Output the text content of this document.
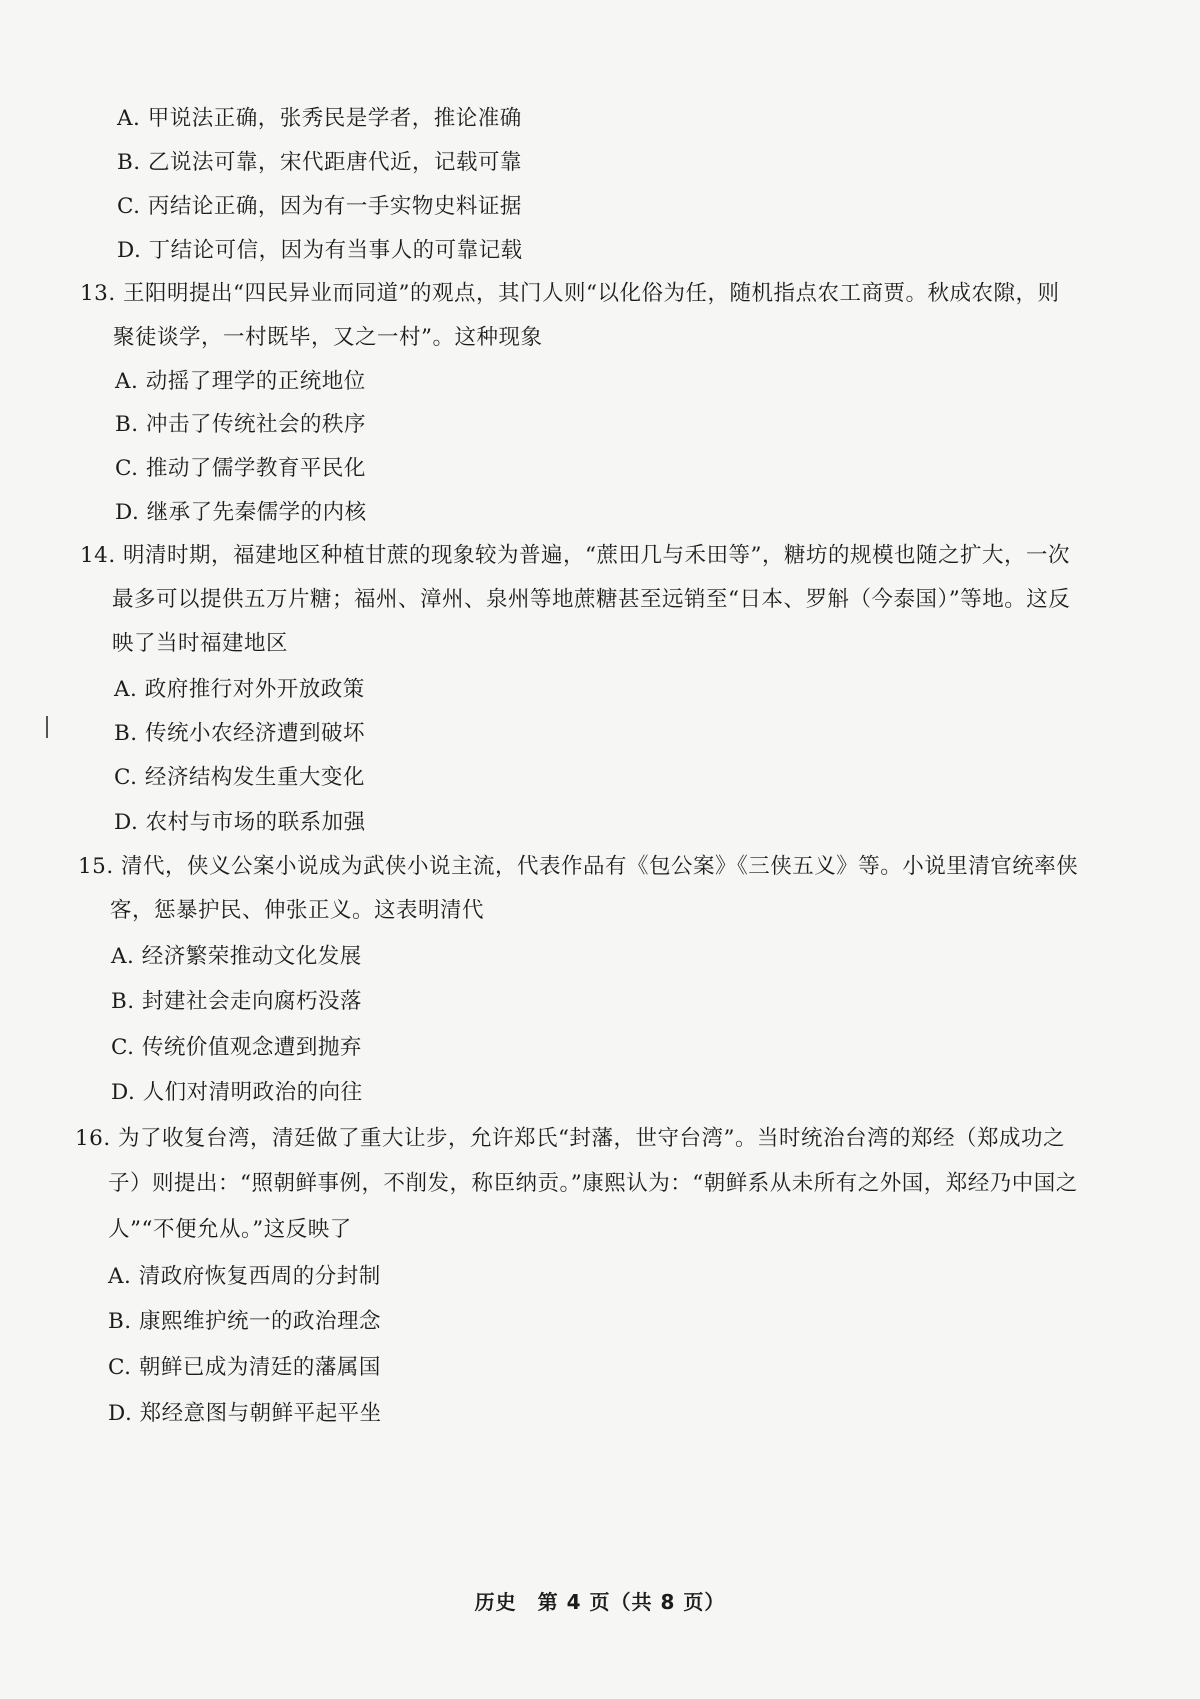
A. 甲说法正确，张秀民是学者，推论准确
B. 乙说法可靠，宋代距唐代近，记载可靠
C. 丙结论正确，因为有一手实物史料证据
D. 丁结论可信，因为有当事人的可靠记载
13. 王阳明提出“四民异业而同道”的观点，其门人则“以化俗为任，随机指点农工商贾。秋成农隙，则
聚徒谈学，一村既毕，又之一村”。这种现象
A. 动摇了理学的正统地位
B. 冲击了传统社会的秩序
C. 推动了儒学教育平民化
D. 继承了先秦儒学的内核
14. 明清时期，福建地区种植甘蔗的现象较为普遍，“蔗田几与禾田等”，糖坊的规模也随之扩大，一次
最多可以提供五万片糖；福州、漳州、泉州等地蔗糖甚至远销至“日本、罗斛（今泰国）”等地。这反
映了当时福建地区
A. 政府推行对外开放政策
B. 传统小农经济遭到破坏
C. 经济结构发生重大变化
D. 农村与市场的联系加强
15. 清代，侠义公案小说成为武侠小说主流，代表作品有《包公案》《三侠五义》等。小说里清官统率侠
客，惩暴护民、伸张正义。这表明清代
A. 经济繁荣推动文化发展
B. 封建社会走向腐朽没落
C. 传统价值观念遭到抛弃
D. 人们对清明政治的向往
16. 为了收复台湾，清廷做了重大让步，允许郑氏“封藩，世守台湾”。当时统治台湾的郑经（郑成功之
子）则提出：“照朝鲜事例，不削发，称臣纳贡。”康熙认为：“朝鲜系从未所有之外国，郑经乃中国之
人”“不便允从。”这反映了
A. 清政府恢复西周的分封制
B. 康熙维护统一的政治理念
C. 朝鲜已成为清廷的藩属国
D. 郑经意图与朝鲜平起平坐
历史　第 4 页（共 8 页）
